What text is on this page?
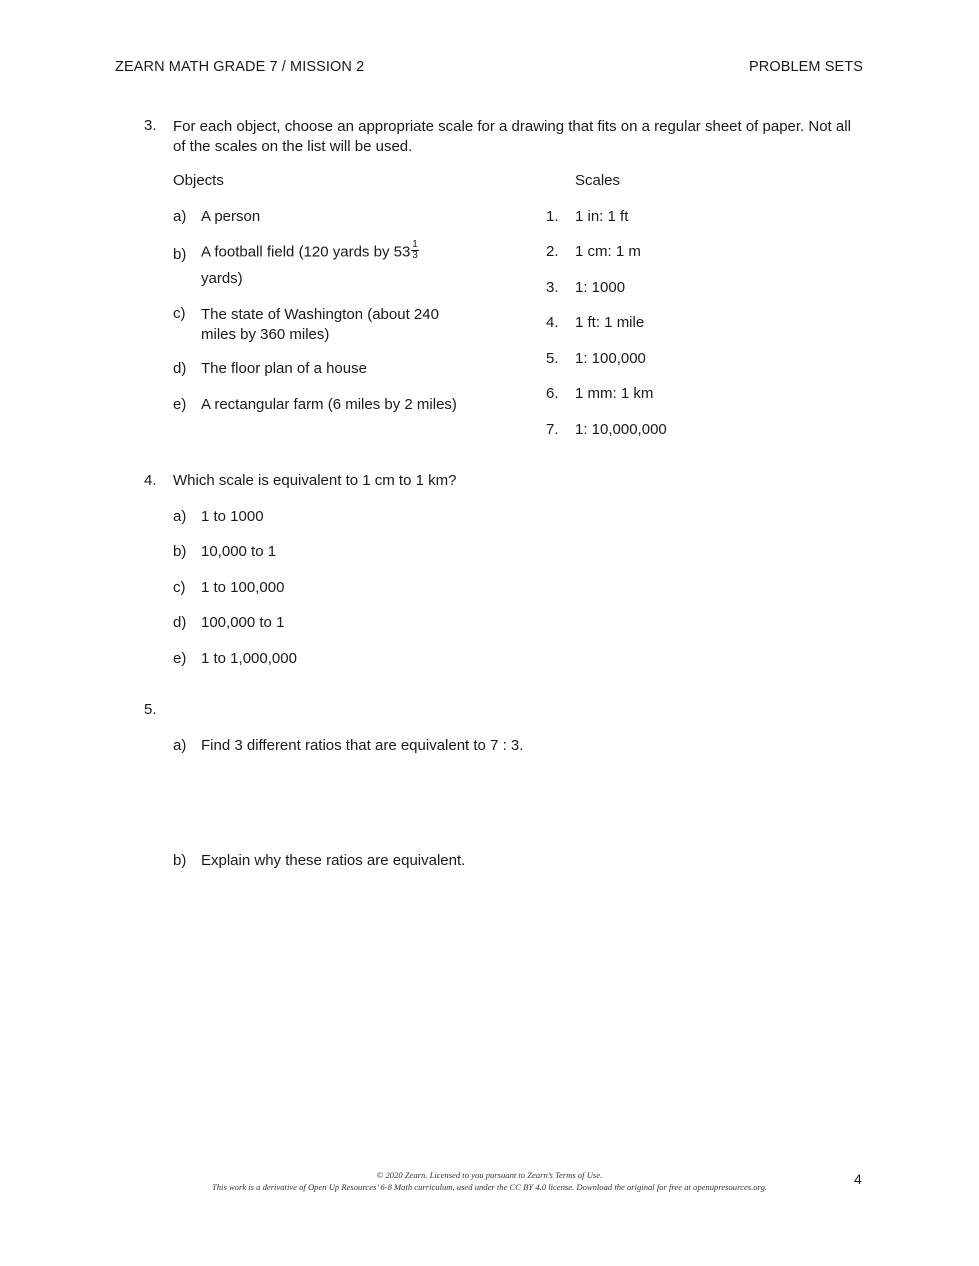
ZEARN MATH GRADE 7 / MISSION 2	PROBLEM SETS
3. For each object, choose an appropriate scale for a drawing that fits on a regular sheet of paper. Not all of the scales on the list will be used.
Objects	Scales
a) A person
b) A football field (120 yards by $53 \frac{1}{3}$
yards)
c) The state of Washington (about 240 miles by 360 miles)
d) The floor plan of a house
e) A rectangular farm (6 miles by 2 miles)
1. 1 in: 1 ft
2. 1 cm: 1 m
3. 1: 1000
4. 1 ft: 1 mile
5. 1: 100,000
6. 1 mm: 1 km
7. 1: 10,000,000
4. Which scale is equivalent to 1 cm to 1 km?
a) 1 to 1000
b) 10,000 to 1
c) 1 to 100,000
d) 100,000 to 1
e) 1 to 1,000,000
5.
a) Find 3 different ratios that are equivalent to 7 : 3.
b) Explain why these ratios are equivalent.
© 2020 Zearn. Licensed to you pursuant to Zearn’s Terms of Use.
This work is a derivative of Open Up Resources’ 6-8 Math curriculum, used under the CC BY 4.0 license. Download the original for free at openupresources.org.	4
